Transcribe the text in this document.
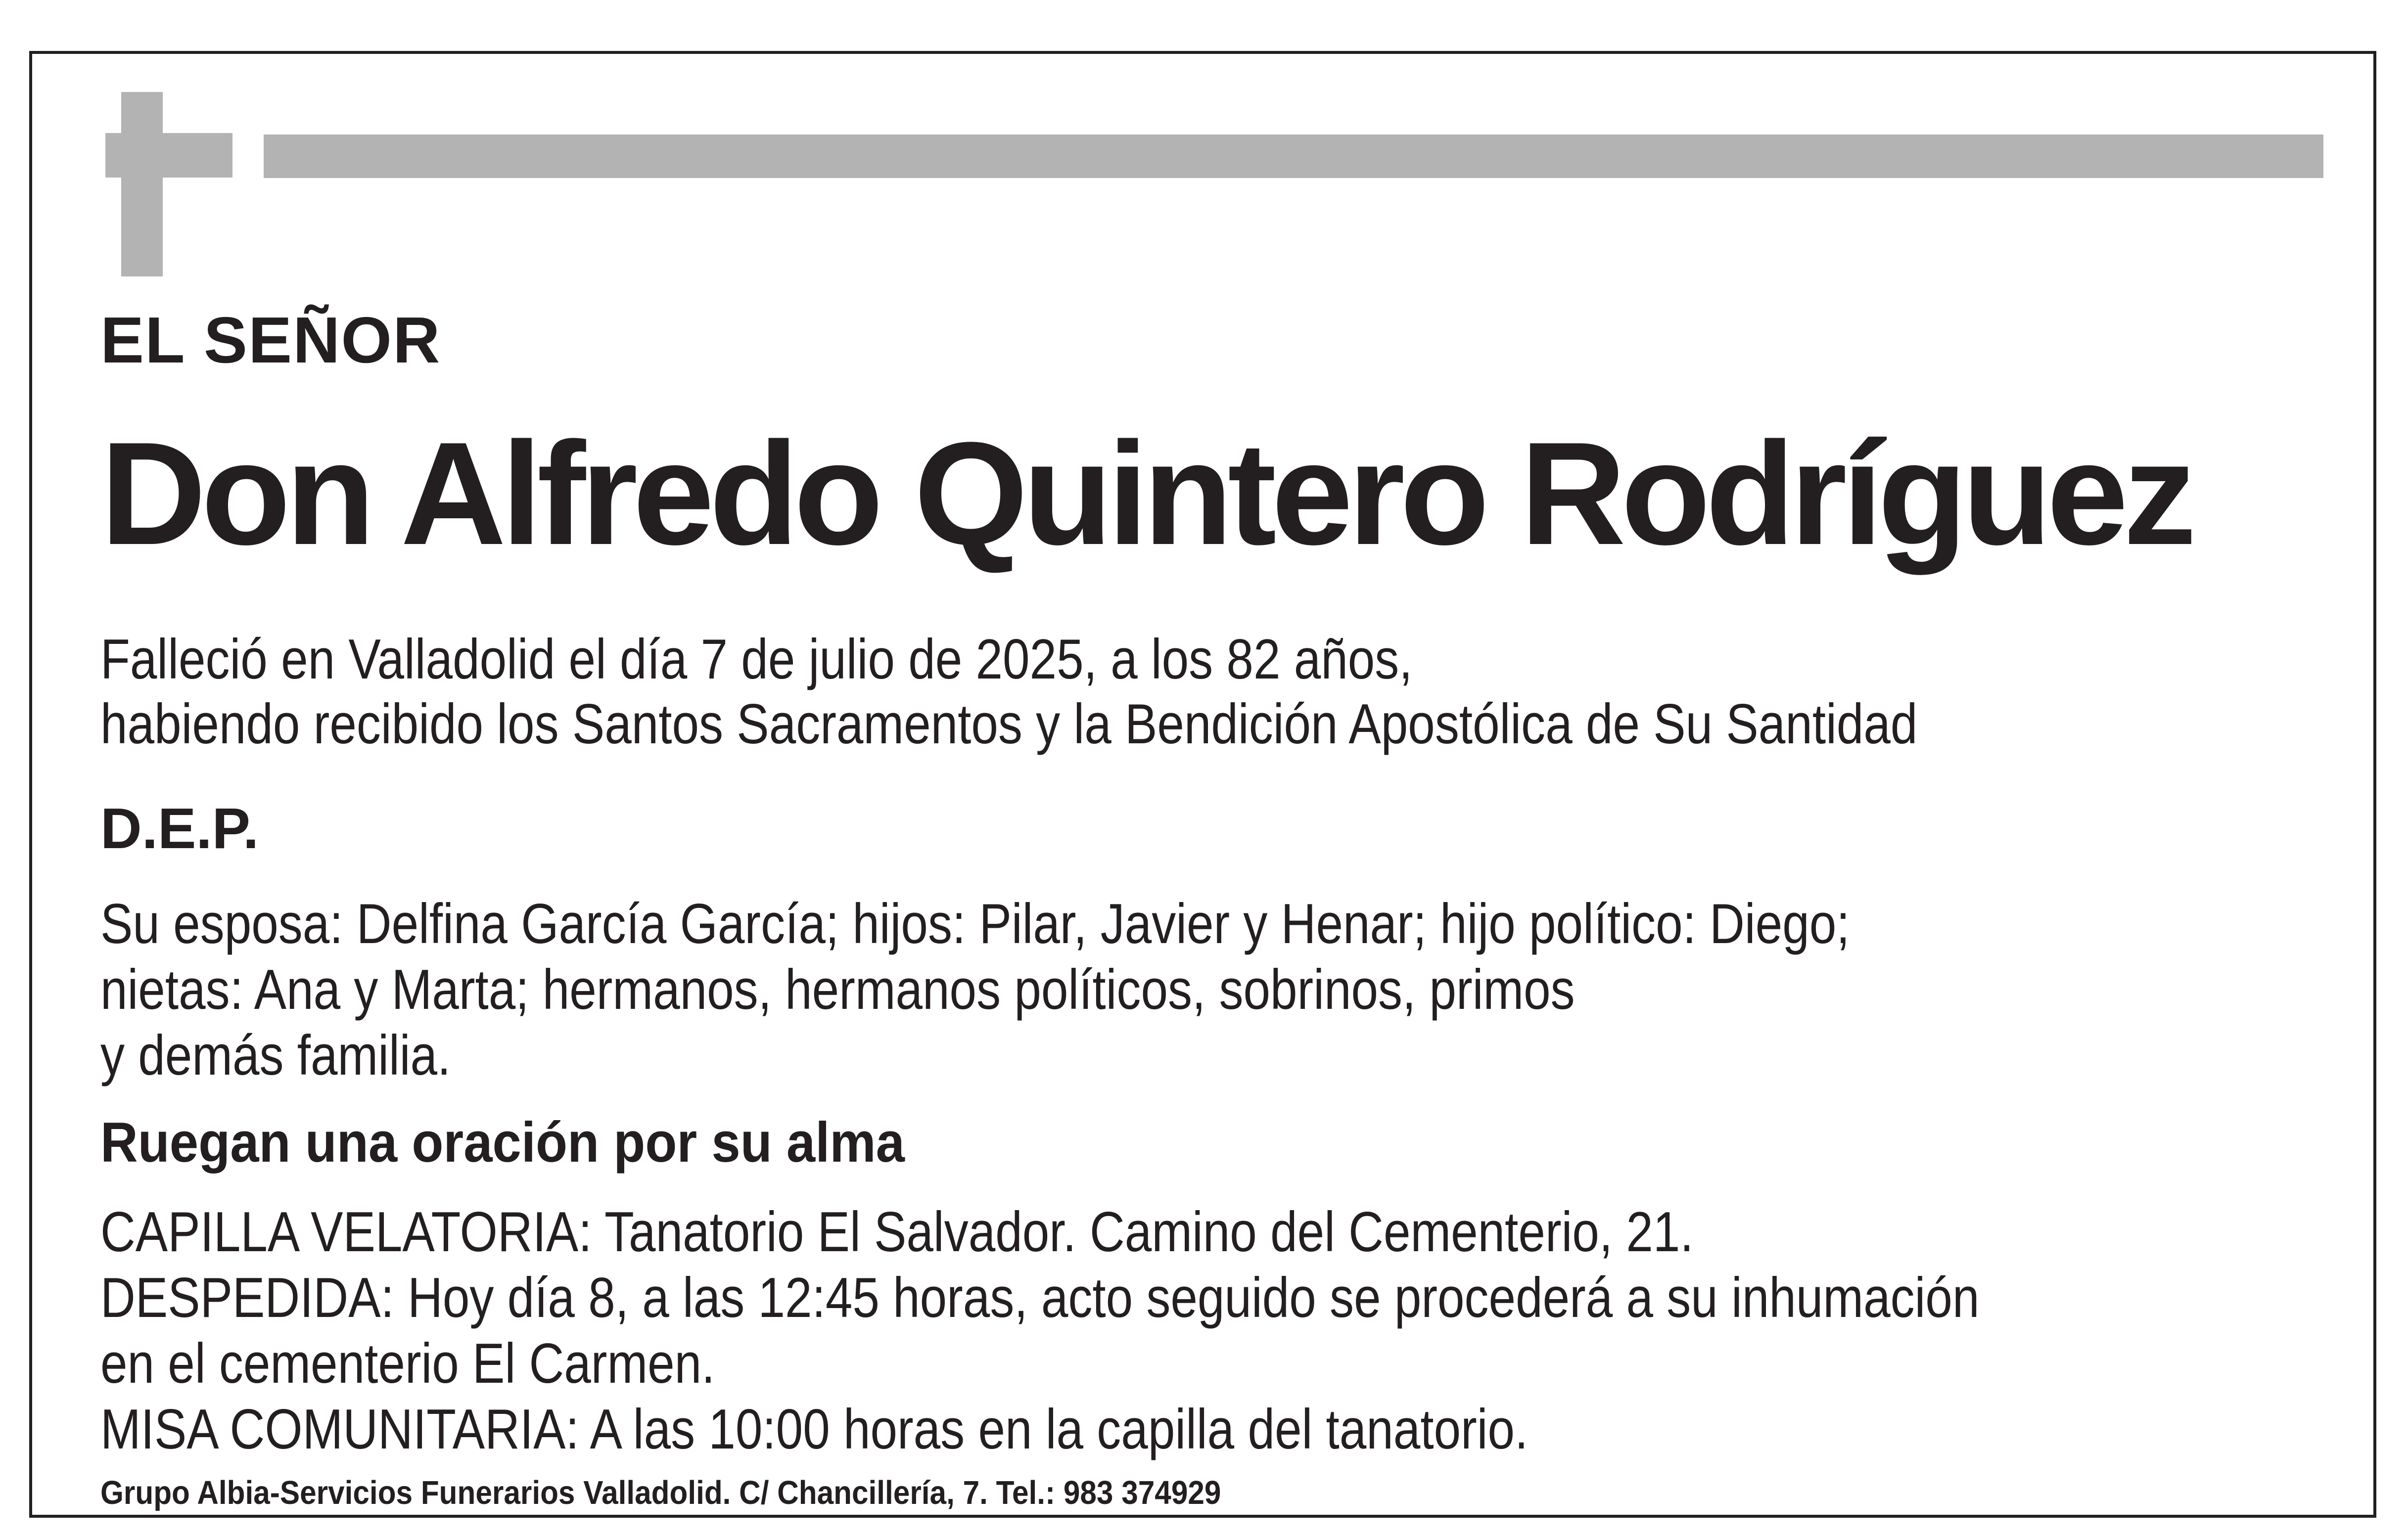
EL SEÑOR

Don Alfredo Quintero Rodríguez

Falleció en Valladolid el día 7 de julio de 2025, a los 82 años,

habiendo recibido los Santos Sacramentos y la Bendición Apostólica de Su Santidad

D.E.P.

Su esposa: Delfina García García; hijos: Pilar, Javier y Henar; hijo político: Diego;

nietas: Ana y Marta; hermanos, hermanos políticos, sobrinos, primos

y demás familia.

Ruegan una oración por su alma

CAPILLA VELATORIA: Tanatorio El Salvador. Camino del Cementerio, 21.

DESPEDIDA: Hoy día 8, a las 12:45 horas, acto seguido se procederá a su inhumación

en el cementerio El Carmen.

MISA COMUNITARIA: A las 10:00 horas en la capilla del tanatorio.

Grupo Albia-Servicios Funerarios Valladolid. C/ Chancillería, 7. Tel.: 983 374929
